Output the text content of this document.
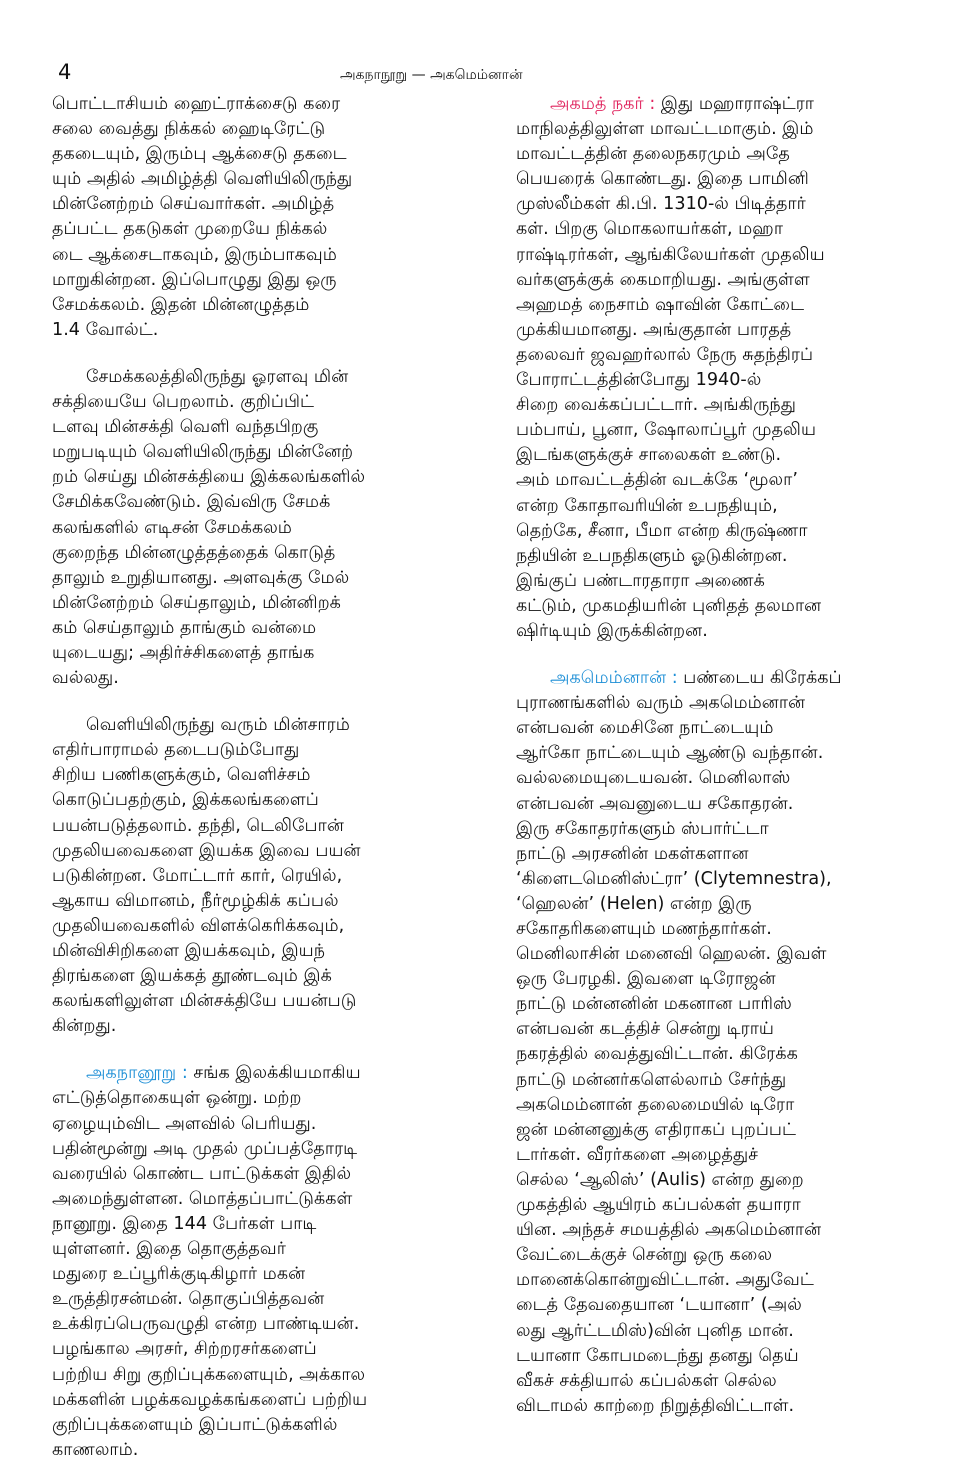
4	அகநாநூறு — அகமெம்னான்
பொட்டாசியம் ஹைட்ராக்சைடு கரை
சலை வைத்து நிக்கல் ஹைடிரேட்டு
தகடையும், இரும்பு ஆக்சைடு தகடை
யும் அதில் அமிழ்த்தி வெளியிலிருந்து
மின்னேற்றம் செய்வார்கள். அமிழ்த்
தப்பட்ட தகடுகள் முறையே நிக்கல்
டை ஆக்சைடாகவும், இரும்பாகவும்
மாறுகின்றன. இப்பொழுது இது ஒரு
சேமக்கலம். இதன் மின்னழுத்தம்
1.4 வோல்ட்.
சேமக்கலத்திலிருந்து ஓரளவு மின்
சக்தியையே பெறலாம். குறிப்பிட்
டளவு மின்சக்தி வெளி வந்தபிறகு
மறுபடியும் வெளியிலிருந்து மின்னேற்
றம் செய்து மின்சக்தியை இக்கலங்களில்
சேமிக்கவேண்டும். இவ்விரு சேமக்
கலங்களில் எடிசன் சேமக்கலம்
குறைந்த மின்னழுத்தத்தைக் கொடுத்
தாலும் உறுதியானது. அளவுக்கு மேல்
மின்னேற்றம் செய்தாலும், மின்னிறக்
கம் செய்தாலும் தாங்கும் வன்மை
யுடையது; அதிர்ச்சிகளைத் தாங்க
வல்லது.
வெளியிலிருந்து வரும் மின்சாரம்
எதிர்பாராமல் தடைபடும்போது
சிறிய பணிகளுக்கும், வெளிச்சம்
கொடுப்பதற்கும், இக்கலங்களைப்
பயன்படுத்தலாம். தந்தி, டெலிபோன்
முதலியவைகளை இயக்க இவை பயன்
படுகின்றன. மோட்டார் கார், ரெயில்,
ஆகாய விமானம், நீர்மூழ்கிக் கப்பல்
முதலியவைகளில் விளக்கெரிக்கவும்,
மின்விசிறிகளை இயக்கவும், இயந்
திரங்களை இயக்கத் தூண்டவும் இக்
கலங்களிலுள்ள மின்சக்தியே பயன்படு
கின்றது.
அகநானூறு : சங்க இலக்கியமாகிய
எட்டுத்தொகையுள் ஒன்று. மற்ற
ஏழையும்விட அளவில் பெரியது.
பதின்மூன்று அடி முதல் முப்பத்தோரடி
வரையில் கொண்ட பாட்டுக்கள் இதில்
அமைந்துள்ளன. மொத்தப்பாட்டுக்கள்
நானூறு. இதை 144 பேர்கள் பாடி
யுள்ளனர். இதை தொகுத்தவர்
மதுரை உப்பூரிக்குடிகிழார் மகன்
உருத்திரசன்மன். தொகுப்பித்தவன்
உக்கிரப்பெருவழுதி என்ற பாண்டியன்.
பழங்கால அரசர், சிற்றரசர்களைப்
பற்றிய சிறு குறிப்புக்களையும், அக்கால
மக்களின் பழக்கவழக்கங்களைப் பற்றிய
குறிப்புக்களையும் இப்பாட்டுக்களில்
காணலாம்.
அகமத் நகர் : இது மஹாராஷ்ட்ரா
மாநிலத்திலுள்ள மாவட்டமாகும். இம்
மாவட்டத்தின் தலைநகரமும் அதே
பெயரைக் கொண்டது. இதை பாமினி
முஸ்லீம்கள் கி.பி. 1310-ல் பிடித்தார்
கள். பிறகு மொகலாயர்கள், மஹா
ராஷ்டிரர்கள், ஆங்கிலேயர்கள் முதலிய
வர்களுக்குக் கைமாறியது. அங்குள்ள
அஹமத் நைசாம் ஷாவின் கோட்டை
முக்கியமானது. அங்குதான் பாரதத்
தலைவர் ஜவஹர்லால் நேரு சுதந்திரப்
போராட்டத்தின்போது 1940-ல்
சிறை வைக்கப்பட்டார். அங்கிருந்து
பம்பாய், பூனா, ஷோலாப்பூர் முதலிய
இடங்களுக்குச் சாலைகள் உண்டு.
அம் மாவட்டத்தின் வடக்கே ‘மூலா’
என்ற கோதாவரியின் உபநதியும்,
தெற்கே, சீனா, பீமா என்ற கிருஷ்ணா
நதியின் உபநதிகளும் ஓடுகின்றன.
இங்குப் பண்டாரதாரா அணைக்
கட்டும், முகமதியரின் புனிதத் தலமான
ஷிர்டியும் இருக்கின்றன.
அகமெம்னான் : பண்டைய கிரேக்கப்
புராணங்களில் வரும் அகமெம்னான்
என்பவன் மைசினே நாட்டையும்
ஆர்கோ நாட்டையும் ஆண்டு வந்தான்.
வல்லமையுடையவன். மெனிலாஸ்
என்பவன் அவனுடைய சகோதரன்.
இரு சகோதரர்களும் ஸ்பார்ட்டா
நாட்டு அரசனின் மகள்களான
‘கிளைடமெனிஸ்ட்ரா’ (Clytemnestra),
‘ஹெலன்’ (Helen) என்ற இரு
சகோதரிகளையும் மணந்தார்கள்.
மெனிலாசின் மனைவி ஹெலன். இவள்
ஒரு பேரழகி. இவளை டிரோஜன்
நாட்டு மன்னனின் மகனான பாரிஸ்
என்பவன் கடத்திச் சென்று டிராய்
நகரத்தில் வைத்துவிட்டான். கிரேக்க
நாட்டு மன்னர்களெல்லாம் சேர்ந்து
அகமெம்னான் தலைமையில் டிரோ
ஜன் மன்னனுக்கு எதிராகப் புறப்பட்
டார்கள். வீரர்களை அழைத்துச்
செல்ல ‘ஆலிஸ்’ (Aulis) என்ற துறை
முகத்தில் ஆயிரம் கப்பல்கள் தயாரா
யின. அந்தச் சமயத்தில் அகமெம்னான்
வேட்டைக்குச் சென்று ஒரு கலை
மானைக்கொன்றுவிட்டான். அதுவேட்
டைத் தேவதையான ‘டயானா’ (அல்
லது ஆர்ட்டமிஸ்)வின் புனித மான்.
டயானா கோபமடைந்து தனது தெய்
வீகச் சக்தியால் கப்பல்கள் செல்ல
விடாமல் காற்றை நிறுத்திவிட்டாள்.
